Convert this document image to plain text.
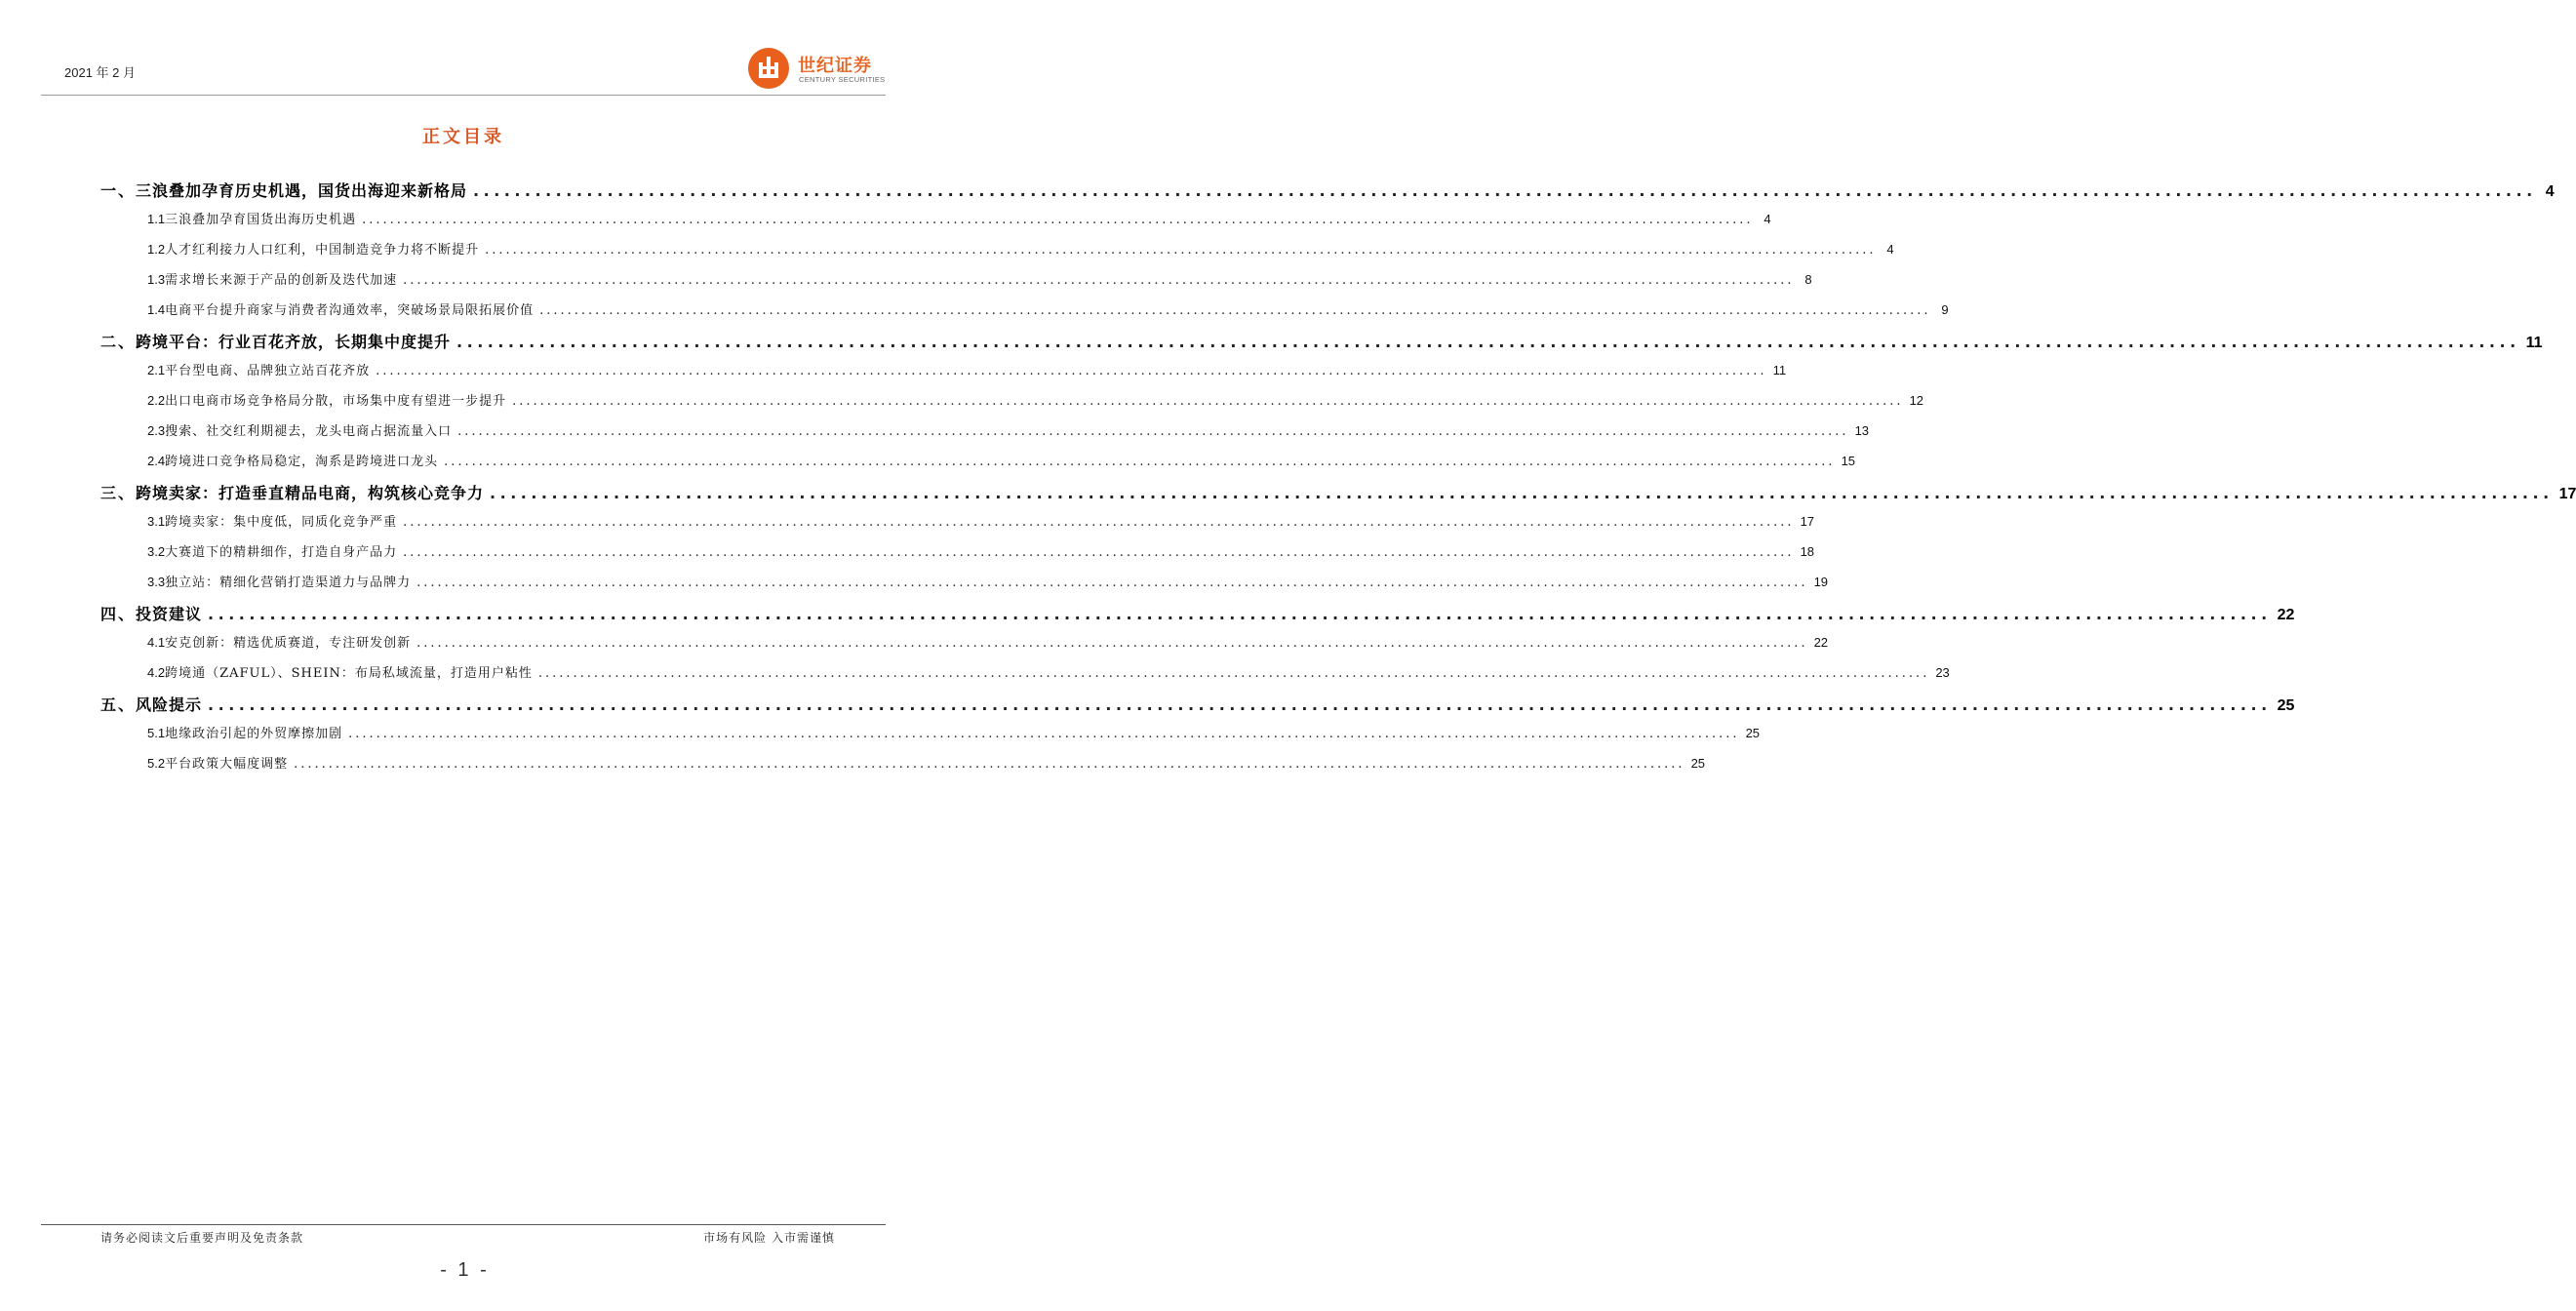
2021 年 2 月	世纪证券
CENTURY SECURITIES
正文目录
一、 三浪叠加孕育历史机遇，国货出海迎来新格局 ........................................................................................................................................................................................................ 4
1.1 三浪叠加孕育国货出海历史机遇 ........................................................................................................................................................................................................ 4
1.2 人才红利接力人口红利，中国制造竞争力将不断提升 ........................................................................................................................................................................................................ 4
1.3 需求增长来源于产品的创新及迭代加速 ........................................................................................................................................................................................................ 8
1.4 电商平台提升商家与消费者沟通效率，突破场景局限拓展价值 ........................................................................................................................................................................................................ 9
二、 跨境平台：行业百花齐放，长期集中度提升 ........................................................................................................................................................................................................ 11
2.1 平台型电商、品牌独立站百花齐放 ........................................................................................................................................................................................................ 11
2.2 出口电商市场竞争格局分散，市场集中度有望进一步提升 ........................................................................................................................................................................................................ 12
2.3 搜索、社交红利期褪去，龙头电商占据流量入口 ........................................................................................................................................................................................................ 13
2.4 跨境进口竞争格局稳定，淘系是跨境进口龙头 ........................................................................................................................................................................................................ 15
三、 跨境卖家：打造垂直精品电商，构筑核心竞争力 ........................................................................................................................................................................................................ 17
3.1 跨境卖家：集中度低，同质化竞争严重 ........................................................................................................................................................................................................ 17
3.2 大赛道下的精耕细作，打造自身产品力 ........................................................................................................................................................................................................ 18
3.3 独立站：精细化营销打造渠道力与品牌力 ........................................................................................................................................................................................................ 19
四、 投资建议 ........................................................................................................................................................................................................ 22
4.1 安克创新：精选优质赛道，专注研发创新 ........................................................................................................................................................................................................ 22
4.2 跨境通（ZAFUL）、SHEIN：布局私域流量，打造用户粘性 ........................................................................................................................................................................................................ 23
五、 风险提示 ........................................................................................................................................................................................................ 25
5.1 地缘政治引起的外贸摩擦加剧 ........................................................................................................................................................................................................ 25
5.2 平台政策大幅度调整 ........................................................................................................................................................................................................ 25
请务必阅读文后重要声明及免责条款	市场有风险 入市需谨慎
- 1 -
